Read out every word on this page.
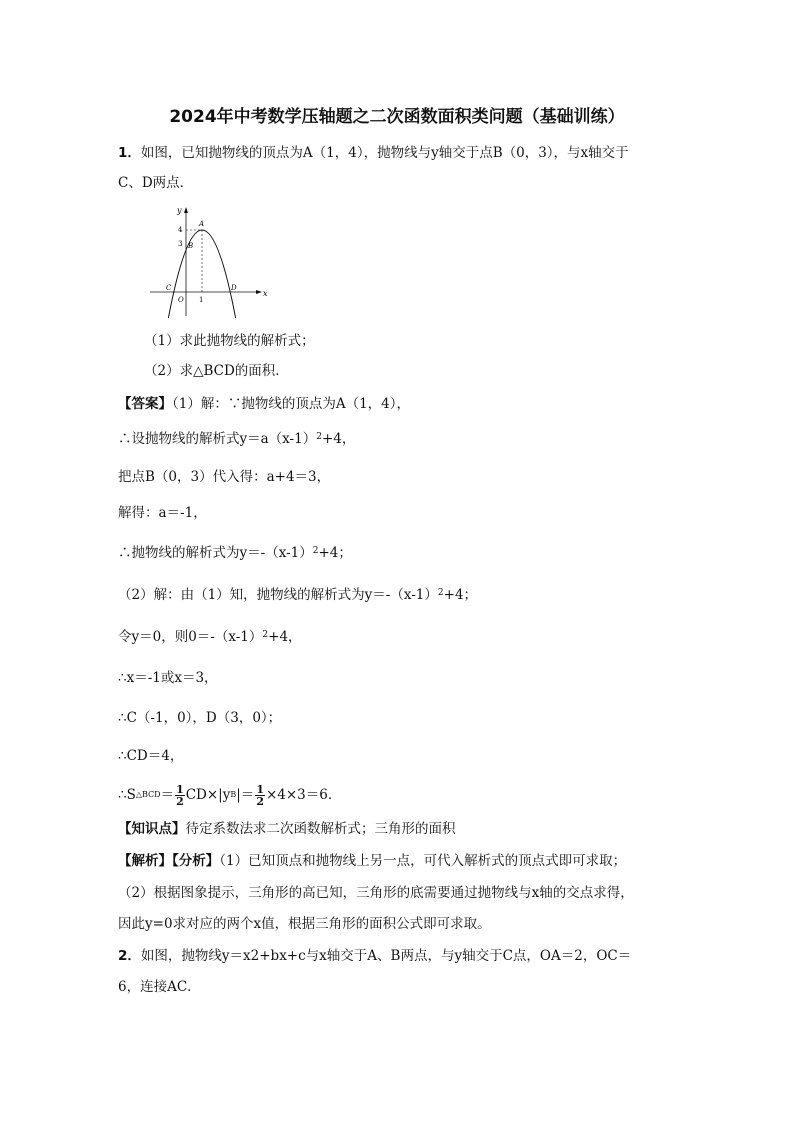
2024年中考数学压轴题之二次函数面积类问题（基础训练）
1．如图，已知抛物线的顶点为A（1，4），抛物线与y轴交于点B（0，3），与x轴交于
C、D两点．
x
y
4
3
1
A
B
C	D
O
（1）求此抛物线的解析式；
（2）求△BCD的面积．
【答案】（1）解：∵抛物线的顶点为A（1，4），
∴设抛物线的解析式$y=a(x-1)^2+4$，
把点B（0，3）代入得：a+4＝3，
解得：a＝-1，
∴抛物线的解析式为$y=-(x-1)^2+4$；
（2）解：由（1）知，抛物线的解析式为$y=-(x-1)^2+4$；
令y＝0，则$0=-(x-1)^2+4$，
∴x＝-1或x＝3，
∴C（-1，0），D（3，0）；
∴CD＝4，
∴S△BCD＝ $\frac{1}{2} CD\times|yB|= \frac{1}{2} \times 4\times 3=6$．
【知识点】待定系数法求二次函数解析式；三角形的面积
【解析】【分析】（1）已知顶点和抛物线上另一点，可代入解析式的顶点式即可求取；
（2）根据图象提示，三角形的高已知，三角形的底需要通过抛物线与x轴的交点求得，
因此y=0求对应的两个x值，根据三角形的面积公式即可求取。
2．如图，抛物线y＝x2+bx+c与x轴交于A、B两点，与y轴交于C点，OA＝2，OC＝
6，连接AC．
